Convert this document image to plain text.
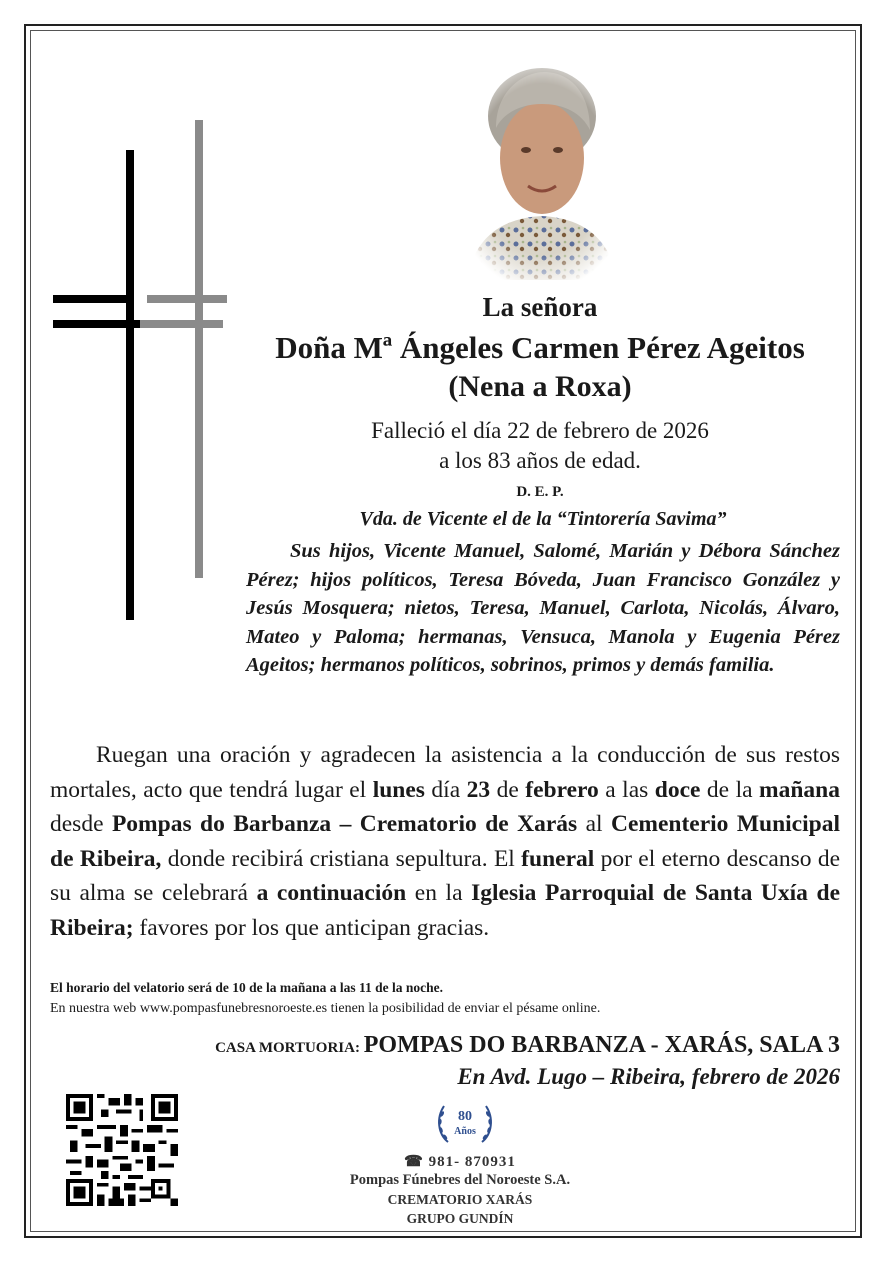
La señora
Doña Mª Ángeles Carmen Pérez Ageitos
(Nena a Roxa)
Falleció el día 22 de febrero de 2026
a los 83 años de edad.
D. E. P.
Vda. de Vicente el de la “Tintorería Savima”
Sus hijos, Vicente Manuel, Salomé, Marián y Débora Sánchez Pérez; hijos políticos, Teresa Bóveda, Juan Francisco González y Jesús Mosquera; nietos, Teresa, Manuel, Carlota, Nicolás, Álvaro, Mateo y Paloma; hermanas, Vensuca, Manola y Eugenia Pérez Ageitos; hermanos políticos, sobrinos, primos y demás familia.
Ruegan una oración y agradecen la asistencia a la conducción de sus restos mortales, acto que tendrá lugar el lunes día 23 de febrero a las doce de la mañana desde Pompas do Barbanza – Crematorio de Xarás al Cementerio Municipal de Ribeira, donde recibirá cristiana sepultura. El funeral por el eterno descanso de su alma se celebrará a continuación en la Iglesia Parroquial de Santa Uxía de Ribeira; favores por los que anticipan gracias.
El horario del velatorio será de 10 de la mañana a las 11 de la noche.
En nuestra web www.pompasfunebresnoroeste.es tienen la posibilidad de enviar el pésame online.
CASA MORTUORIA: POMPAS DO BARBANZA - XARÁS, SALA 3
En Avd. Lugo – Ribeira, febrero de 2026
80
Años
☎ 981- 870931
Pompas Fúnebres del Noroeste S.A.
CREMATORIO XARÁS
GRUPO GUNDÍN
